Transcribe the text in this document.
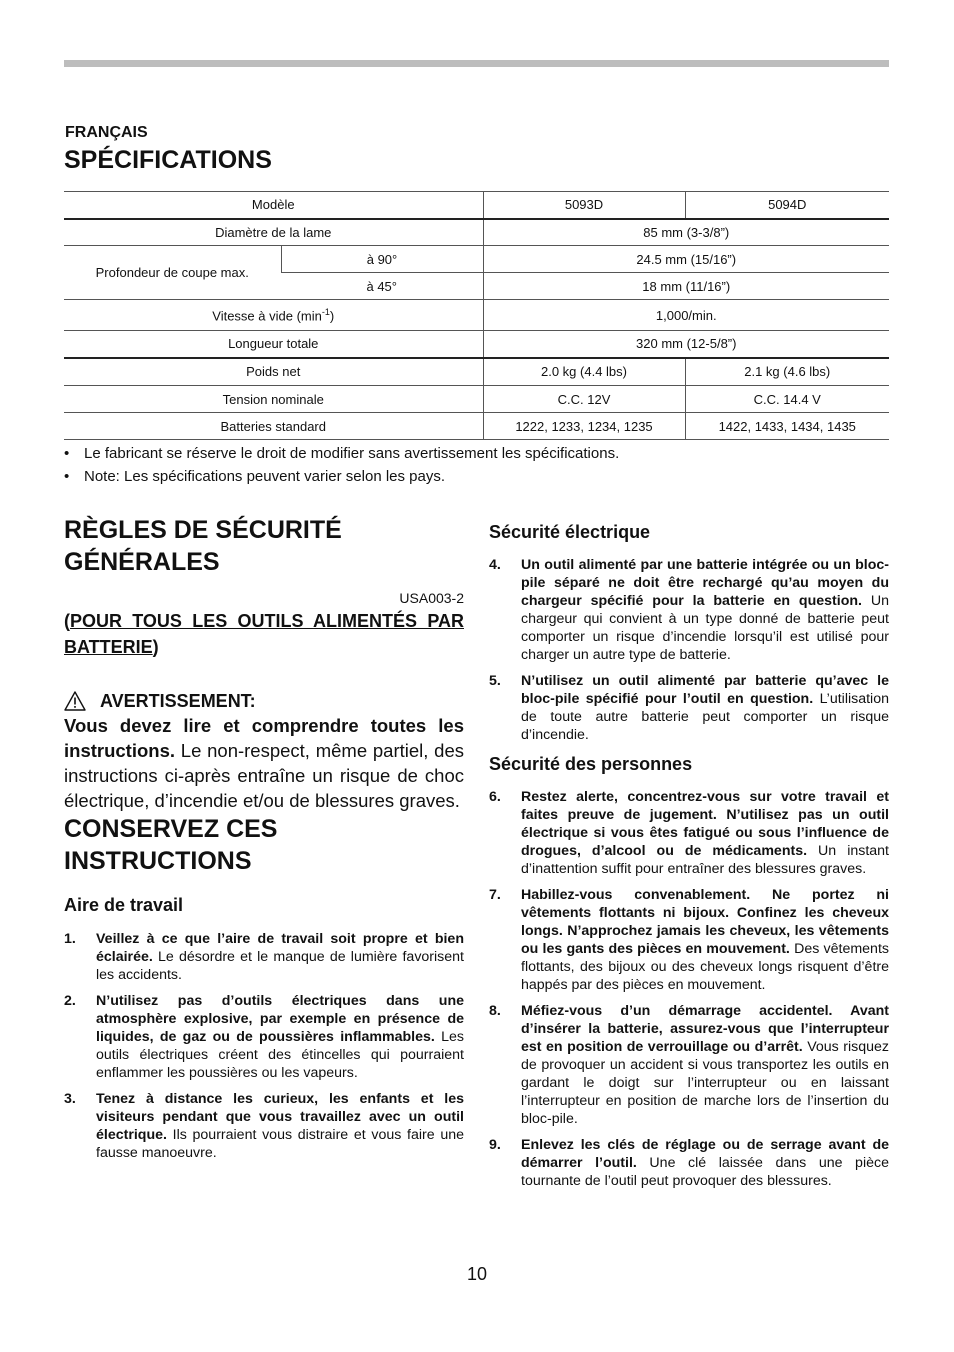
FRANÇAIS
SPÉCIFICATIONS
Modèle		5093D	5094D
Diamètre de la lame		85 mm (3-3/8”)	
Profondeur de coupe max.	à 90°	24.5 mm (15/16”)	
	à 45°	18 mm (11/16”)	
Vitesse à vide $(\min^{-1})$		1,000/min.	
Longueur totale		320 mm (12-5/8”)	
Poids net		2.0 kg (4.4 lbs)	2.1 kg (4.6 lbs)
Tension nominale		C.C. 12V	C.C. 14.4 V
Batteries standard		1222, 1233, 1234, 1235	1422, 1433, 1434, 1435
• Le fabricant se réserve le droit de modifier sans avertissement les spécifications.
• Note: Les spécifications peuvent varier selon les pays.
RÈGLES DE SÉCURITÉ
GÉNÉRALES
USA003-2
(POUR TOUS LES OUTILS ALIMENTÉS PAR BATTERIE)
AVERTISSEMENT:
Vous devez lire et comprendre toutes les instructions. Le non-respect, même partiel, des instructions ci-après entraîne un risque de choc électrique, d’incendie et/ou de blessures graves.
CONSERVEZ CES
INSTRUCTIONS
Aire de travail
1. Veillez à ce que l’aire de travail soit propre et bien éclairée. Le désordre et le manque de lumière favorisent les accidents.
2. N’utilisez pas d’outils électriques dans une atmosphère explosive, par exemple en présence de liquides, de gaz ou de poussières inflammables. Les outils électriques créent des étincelles qui pourraient enflammer les poussières ou les vapeurs.
3. Tenez à distance les curieux, les enfants et les visiteurs pendant que vous travaillez avec un outil électrique. Ils pourraient vous distraire et vous faire une fausse manoeuvre.
Sécurité électrique
4. Un outil alimenté par une batterie intégrée ou un bloc-pile séparé ne doit être rechargé qu’au moyen du chargeur spécifié pour la batterie en question. Un chargeur qui convient à un type donné de batterie peut comporter un risque d’incendie lorsqu’il est utilisé pour charger un autre type de batterie.
5. N’utilisez un outil alimenté par batterie qu’avec le bloc-pile spécifié pour l’outil en question. L’utilisation de toute autre batterie peut comporter un risque d’incendie.
Sécurité des personnes
6. Restez alerte, concentrez-vous sur votre travail et faites preuve de jugement. N’utilisez pas un outil électrique si vous êtes fatigué ou sous l’influence de drogues, d’alcool ou de médicaments. Un instant d’inattention suffit pour entraîner des blessures graves.
7. Habillez-vous convenablement. Ne portez ni vêtements flottants ni bijoux. Confinez les cheveux longs. N’approchez jamais les cheveux, les vêtements ou les gants des pièces en mouvement. Des vêtements flottants, des bijoux ou des cheveux longs risquent d’être happés par des pièces en mouvement.
8. Méfiez-vous d’un démarrage accidentel. Avant d’insérer la batterie, assurez-vous que l’interrupteur est en position de verrouillage ou d’arrêt. Vous risquez de provoquer un accident si vous transportez les outils en gardant le doigt sur l’interrupteur ou en laissant l’interrupteur en position de marche lors de l’insertion du bloc-pile.
9. Enlevez les clés de réglage ou de serrage avant de démarrer l’outil. Une clé laissée dans une pièce tournante de l’outil peut provoquer des blessures.
10
